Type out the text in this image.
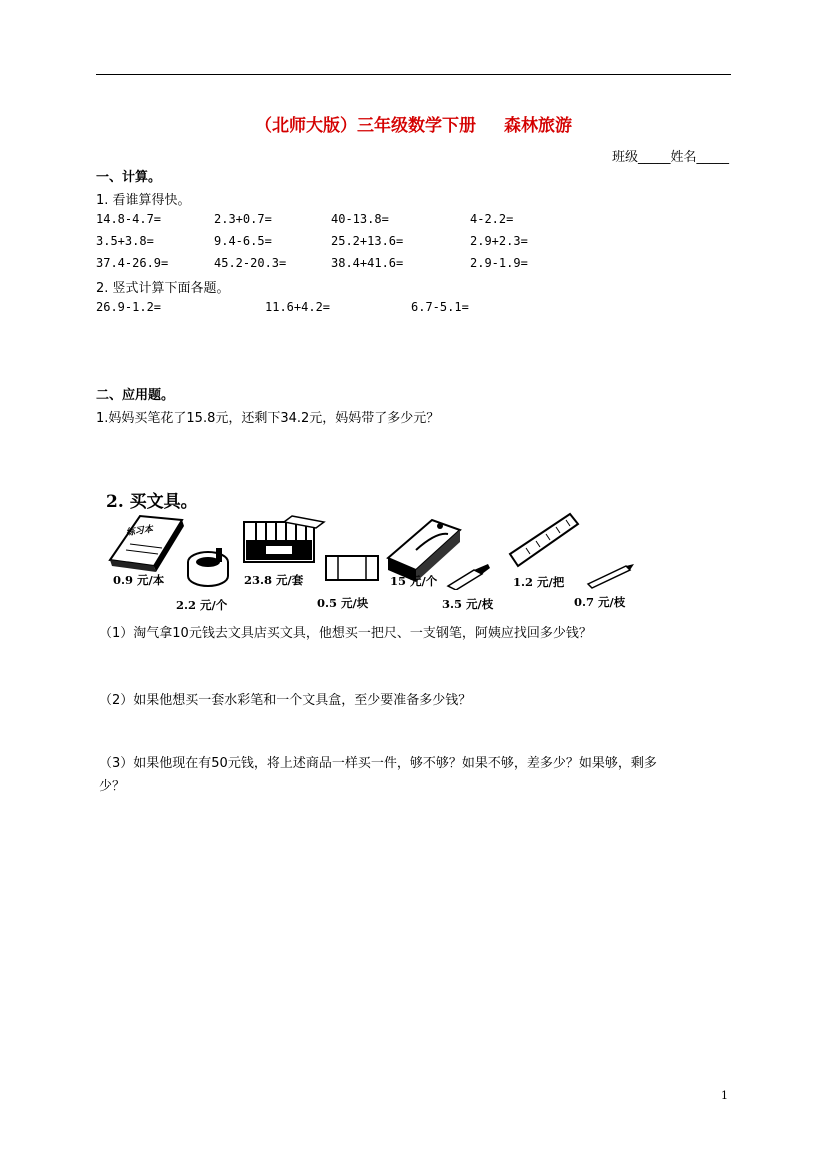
（北师大版）三年级数学下册 森林旅游
班级_____姓名_____
一、计算。
1. 看谁算得快。
14.8-4.7=	2.3+0.7=	40-13.8=	4-2.2=
3.5+3.8=	9.4-6.5=	25.2+13.6=	2.9+2.3=
37.4-26.9=	45.2-20.3=	38.4+41.6=	2.9-1.9=
2. 竖式计算下面各题。
26.9-1.2=	11.6+4.2=	6.7-5.1=
二、应用题。
1.妈妈买笔花了15.8元，还剩下34.2元，妈妈带了多少元？
2. 买文具。
练习本
0.9 元/本
2.2 元/个
23.8 元/套
0.5 元/块
15 元/个
3.5 元/枝
1.2 元/把
0.7 元/枝
（1）淘气拿10元钱去文具店买文具，他想买一把尺、一支钢笔，阿姨应找回多少钱？
（2）如果他想买一套水彩笔和一个文具盒，至少要准备多少钱？
（3）如果他现在有50元钱，将上述商品一样买一件，够不够？如果不够，差多少？如果够，剩多
少？
1
